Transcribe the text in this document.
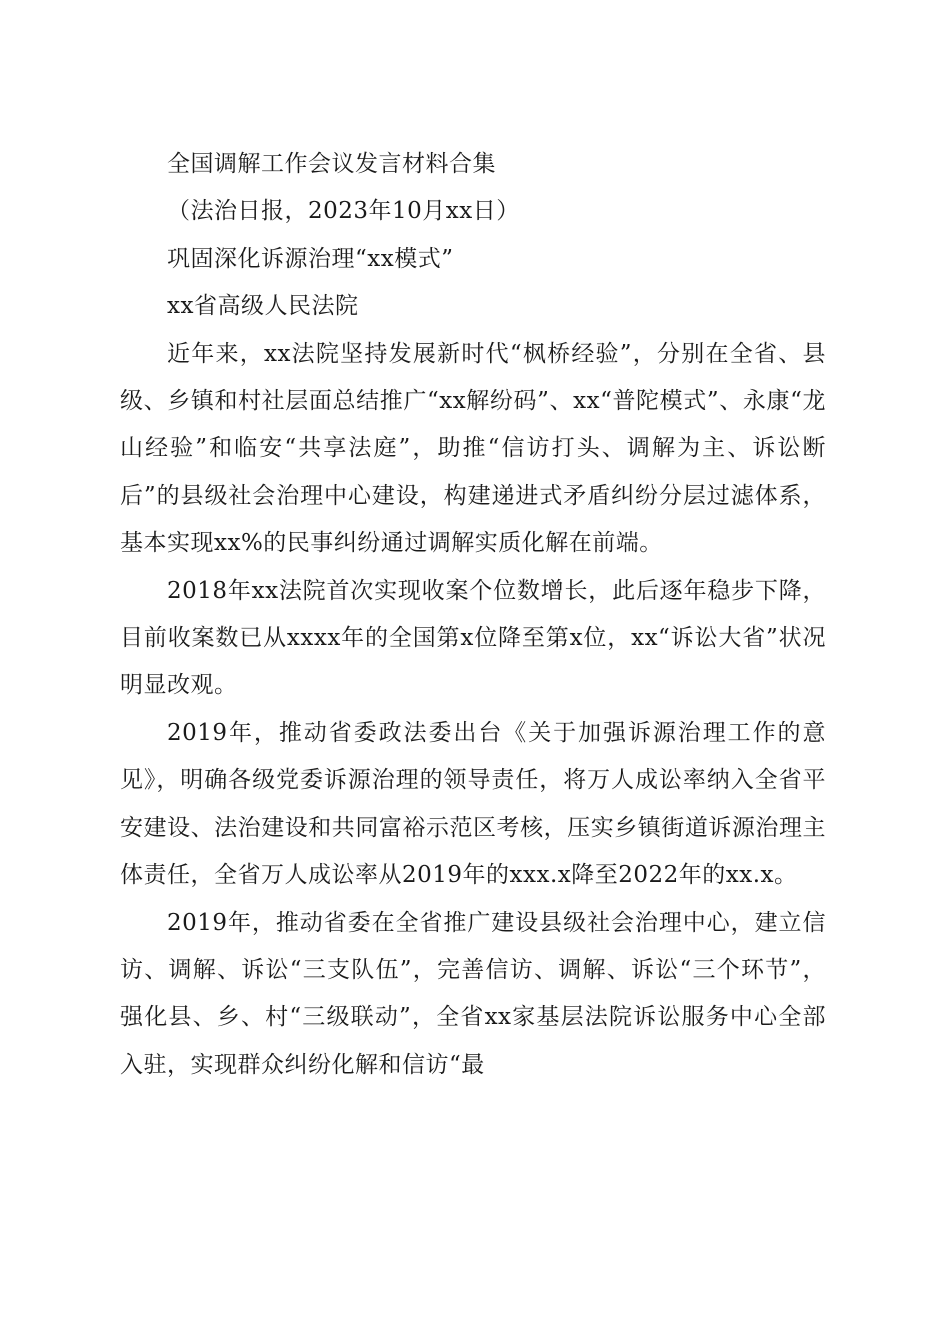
全国调解工作会议发言材料合集

（法治日报，2023年10月xx日）

巩固深化诉源治理“xx模式”

xx省高级人民法院

近年来，xx法院坚持发展新时代“枫桥经验”，分别在全省、县级、乡镇和村社层面总结推广“xx解纷码”、xx“普陀模式”、永康“龙山经验”和临安“共享法庭”，助推“信访打头、调解为主、诉讼断后”的县级社会治理中心建设，构建递进式矛盾纠纷分层过滤体系，基本实现xx%的民事纠纷通过调解实质化解在前端。

2018年xx法院首次实现收案个位数增长，此后逐年稳步下降，目前收案数已从xxxx年的全国第x位降至第x位，xx“诉讼大省”状况明显改观。

2019年，推动省委政法委出台《关于加强诉源治理工作的意见》，明确各级党委诉源治理的领导责任，将万人成讼率纳入全省平安建设、法治建设和共同富裕示范区考核，压实乡镇街道诉源治理主体责任，全省万人成讼率从2019年的xxx.x降至2022年的xx.x。

2019年，推动省委在全省推广建设县级社会治理中心，建立信访、调解、诉讼“三支队伍”，完善信访、调解、诉讼“三个环节”，强化县、乡、村“三级联动”，全省xx家基层法院诉讼服务中心全部入驻，实现群众纠纷化解和信访“最
